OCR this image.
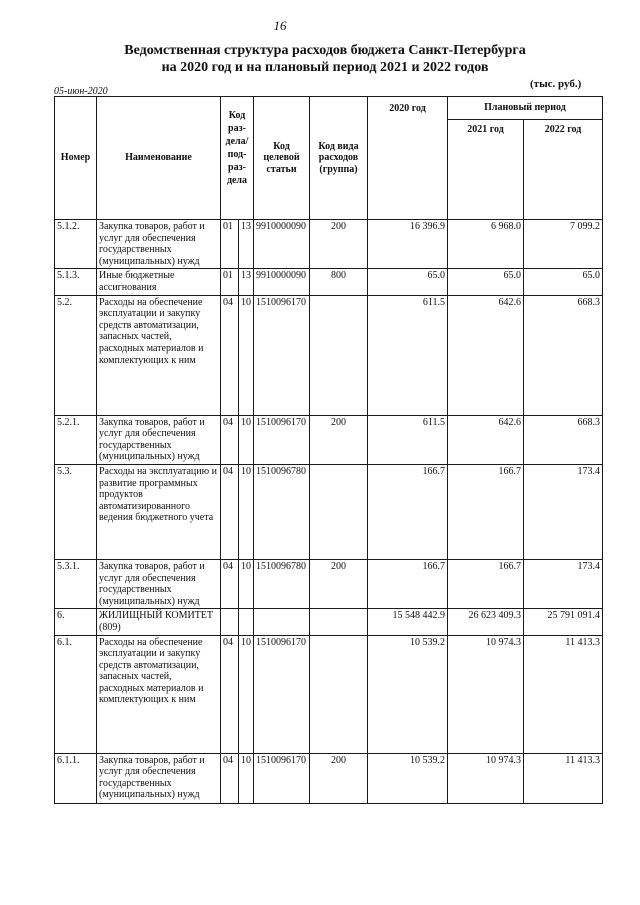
16
Ведомственная структура расходов бюджета Санкт-Петербурга
на 2020 год и на плановый период 2021 и 2022 годов
(тыс. руб.)
05-июн-2020
Номер	Наименование	Код раз-дела/ под-раз-дела		Код целевой статьи	Код вида расходов (группа)	2020 год	Плановый период	
							2021 год	2022 год
5.1.2.	Закупка товаров, работ и услуг для обеспечения государственных (муниципальных) нужд	01	13	9910000090	200	16 396.9	6 968.0	7 099.2
5.1.3.	Иные бюджетные ассигнования	01	13	9910000090	800	65.0	65.0	65.0
5.2.	Расходы на обеспечение эксплуатации и закупку средств автоматизации, запасных частей, расходных материалов и комплектующих к ним	04	10	1510096170		611.5	642.6	668.3
5.2.1.	Закупка товаров, работ и услуг для обеспечения государственных (муниципальных) нужд	04	10	1510096170	200	611.5	642.6	668.3
5.3.	Расходы на эксплуатацию и развитие программных продуктов автоматизированного ведения бюджетного учета	04	10	1510096780		166.7	166.7	173.4
5.3.1.	Закупка товаров, работ и услуг для обеспечения государственных (муниципальных) нужд	04	10	1510096780	200	166.7	166.7	173.4
6.	ЖИЛИЩНЫЙ КОМИТЕТ (809)					15 548 442.9	26 623 409.3	25 791 091.4
6.1.	Расходы на обеспечение эксплуатации и закупку средств автоматизации, запасных частей, расходных материалов и комплектующих к ним	04	10	1510096170		10 539.2	10 974.3	11 413.3
6.1.1.	Закупка товаров, работ и услуг для обеспечения государственных (муниципальных) нужд	04	10	1510096170	200	10 539.2	10 974.3	11 413.3
